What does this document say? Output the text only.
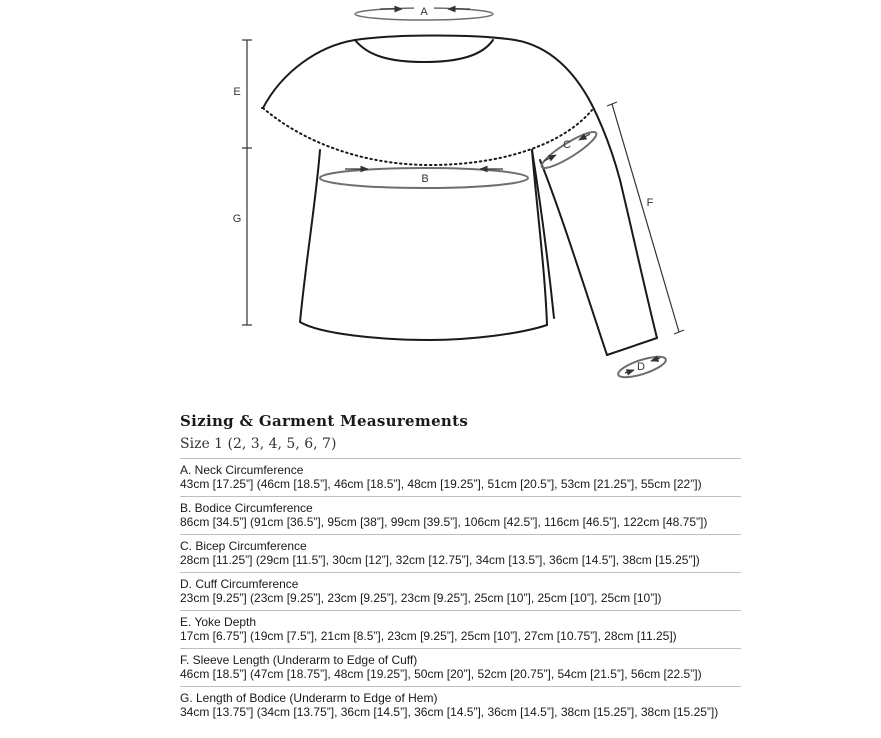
A
B
C
D
E
G
F
Sizing & Garment Measurements
Size 1 (2, 3, 4, 5, 6, 7)
A. Neck Circumference
43cm [17.25”] (46cm [18.5”], 46cm [18.5”], 48cm [19.25”], 51cm [20.5”], 53cm [21.25”], 55cm [22”])
B. Bodice Circumference
86cm [34.5”] (91cm [36.5”], 95cm [38”], 99cm [39.5”], 106cm [42.5”], 116cm [46.5”], 122cm [48.75”])
C. Bicep Circumference
28cm [11.25”] (29cm [11.5”], 30cm [12”], 32cm [12.75”], 34cm [13.5”], 36cm [14.5”], 38cm [15.25”])
D. Cuff Circumference
23cm [9.25”] (23cm [9.25”], 23cm [9.25”], 23cm [9.25”], 25cm [10”], 25cm [10”], 25cm [10”])
E. Yoke Depth
17cm [6.75”] (19cm [7.5”], 21cm [8.5”], 23cm [9.25”], 25cm [10”], 27cm [10.75”], 28cm [11.25])
F. Sleeve Length (Underarm to Edge of Cuff)
46cm [18.5”] (47cm [18.75”], 48cm [19.25”], 50cm [20”], 52cm [20.75”], 54cm [21.5”], 56cm [22.5”])
G. Length of Bodice (Underarm to Edge of Hem)
34cm [13.75”] (34cm [13.75”], 36cm [14.5”], 36cm [14.5”], 36cm [14.5”], 38cm [15.25”], 38cm [15.25”])
